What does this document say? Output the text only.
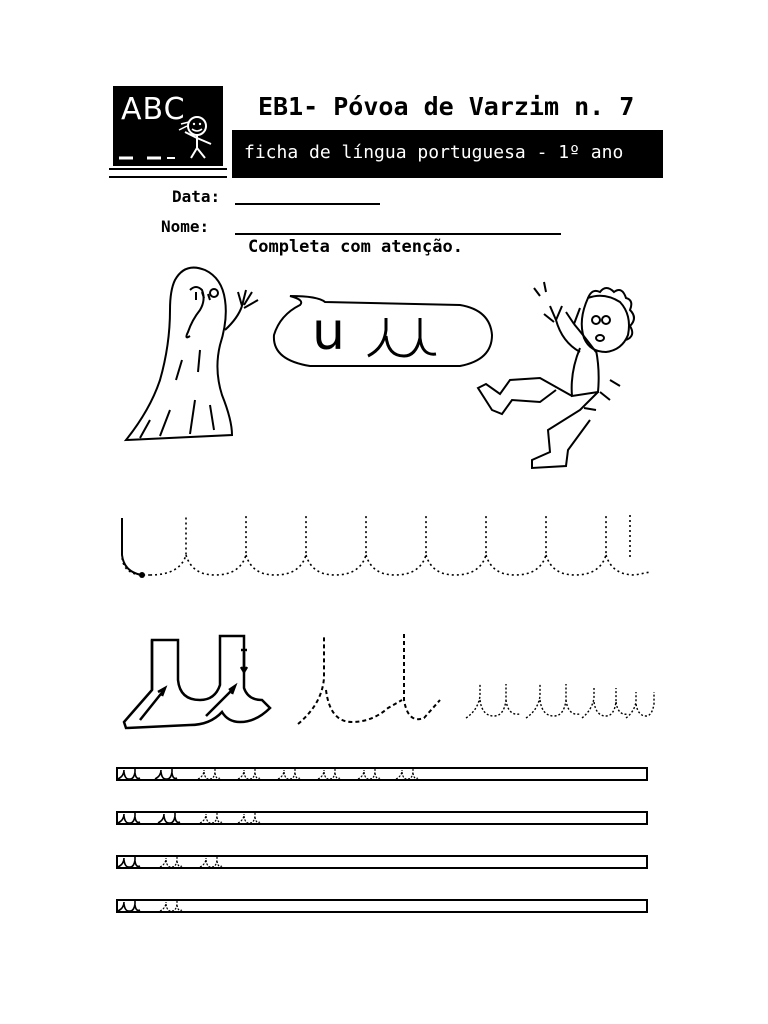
ABC	EB1- Póvoa de Varzim n. 7
ficha de língua portuguesa - 1º ano
Data:
Nome:
Completa com atenção.
u
